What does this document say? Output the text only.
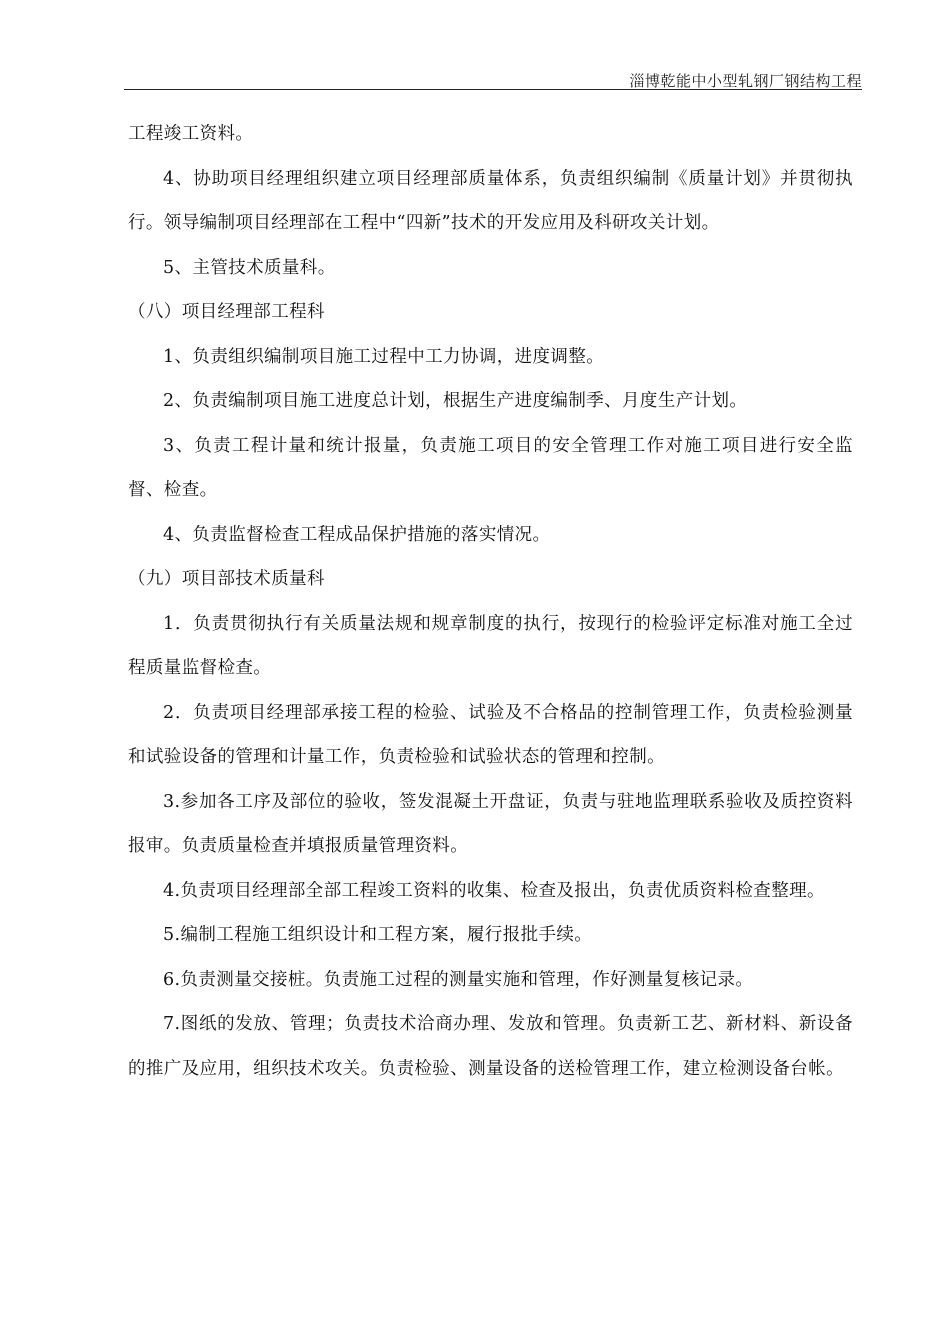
淄博乾能中小型轧钢厂钢结构工程

工程竣工资料。

4、协助项目经理组织建立项目经理部质量体系，负责组织编制《质量计划》并贯彻执行。领导编制项目经理部在工程中“四新”技术的开发应用及科研攻关计划。

5、主管技术质量科。

（八）项目经理部工程科

1、负责组织编制项目施工过程中工力协调，进度调整。

2、负责编制项目施工进度总计划，根据生产进度编制季、月度生产计划。

3、负责工程计量和统计报量，负责施工项目的安全管理工作对施工项目进行安全监督、检查。

4、负责监督检查工程成品保护措施的落实情况。

（九）项目部技术质量科

1．负责贯彻执行有关质量法规和规章制度的执行，按现行的检验评定标准对施工全过程质量监督检查。

2．负责项目经理部承接工程的检验、试验及不合格品的控制管理工作，负责检验测量和试验设备的管理和计量工作，负责检验和试验状态的管理和控制。

3.参加各工序及部位的验收，签发混凝土开盘证，负责与驻地监理联系验收及质控资料报审。负责质量检查并填报质量管理资料。

4.负责项目经理部全部工程竣工资料的收集、检查及报出，负责优质资料检查整理。

5.编制工程施工组织设计和工程方案，履行报批手续。

6.负责测量交接桩。负责施工过程的测量实施和管理，作好测量复核记录。

7.图纸的发放、管理；负责技术洽商办理、发放和管理。负责新工艺、新材料、新设备的推广及应用，组织技术攻关。负责检验、测量设备的送检管理工作，建立检测设备台帐。
